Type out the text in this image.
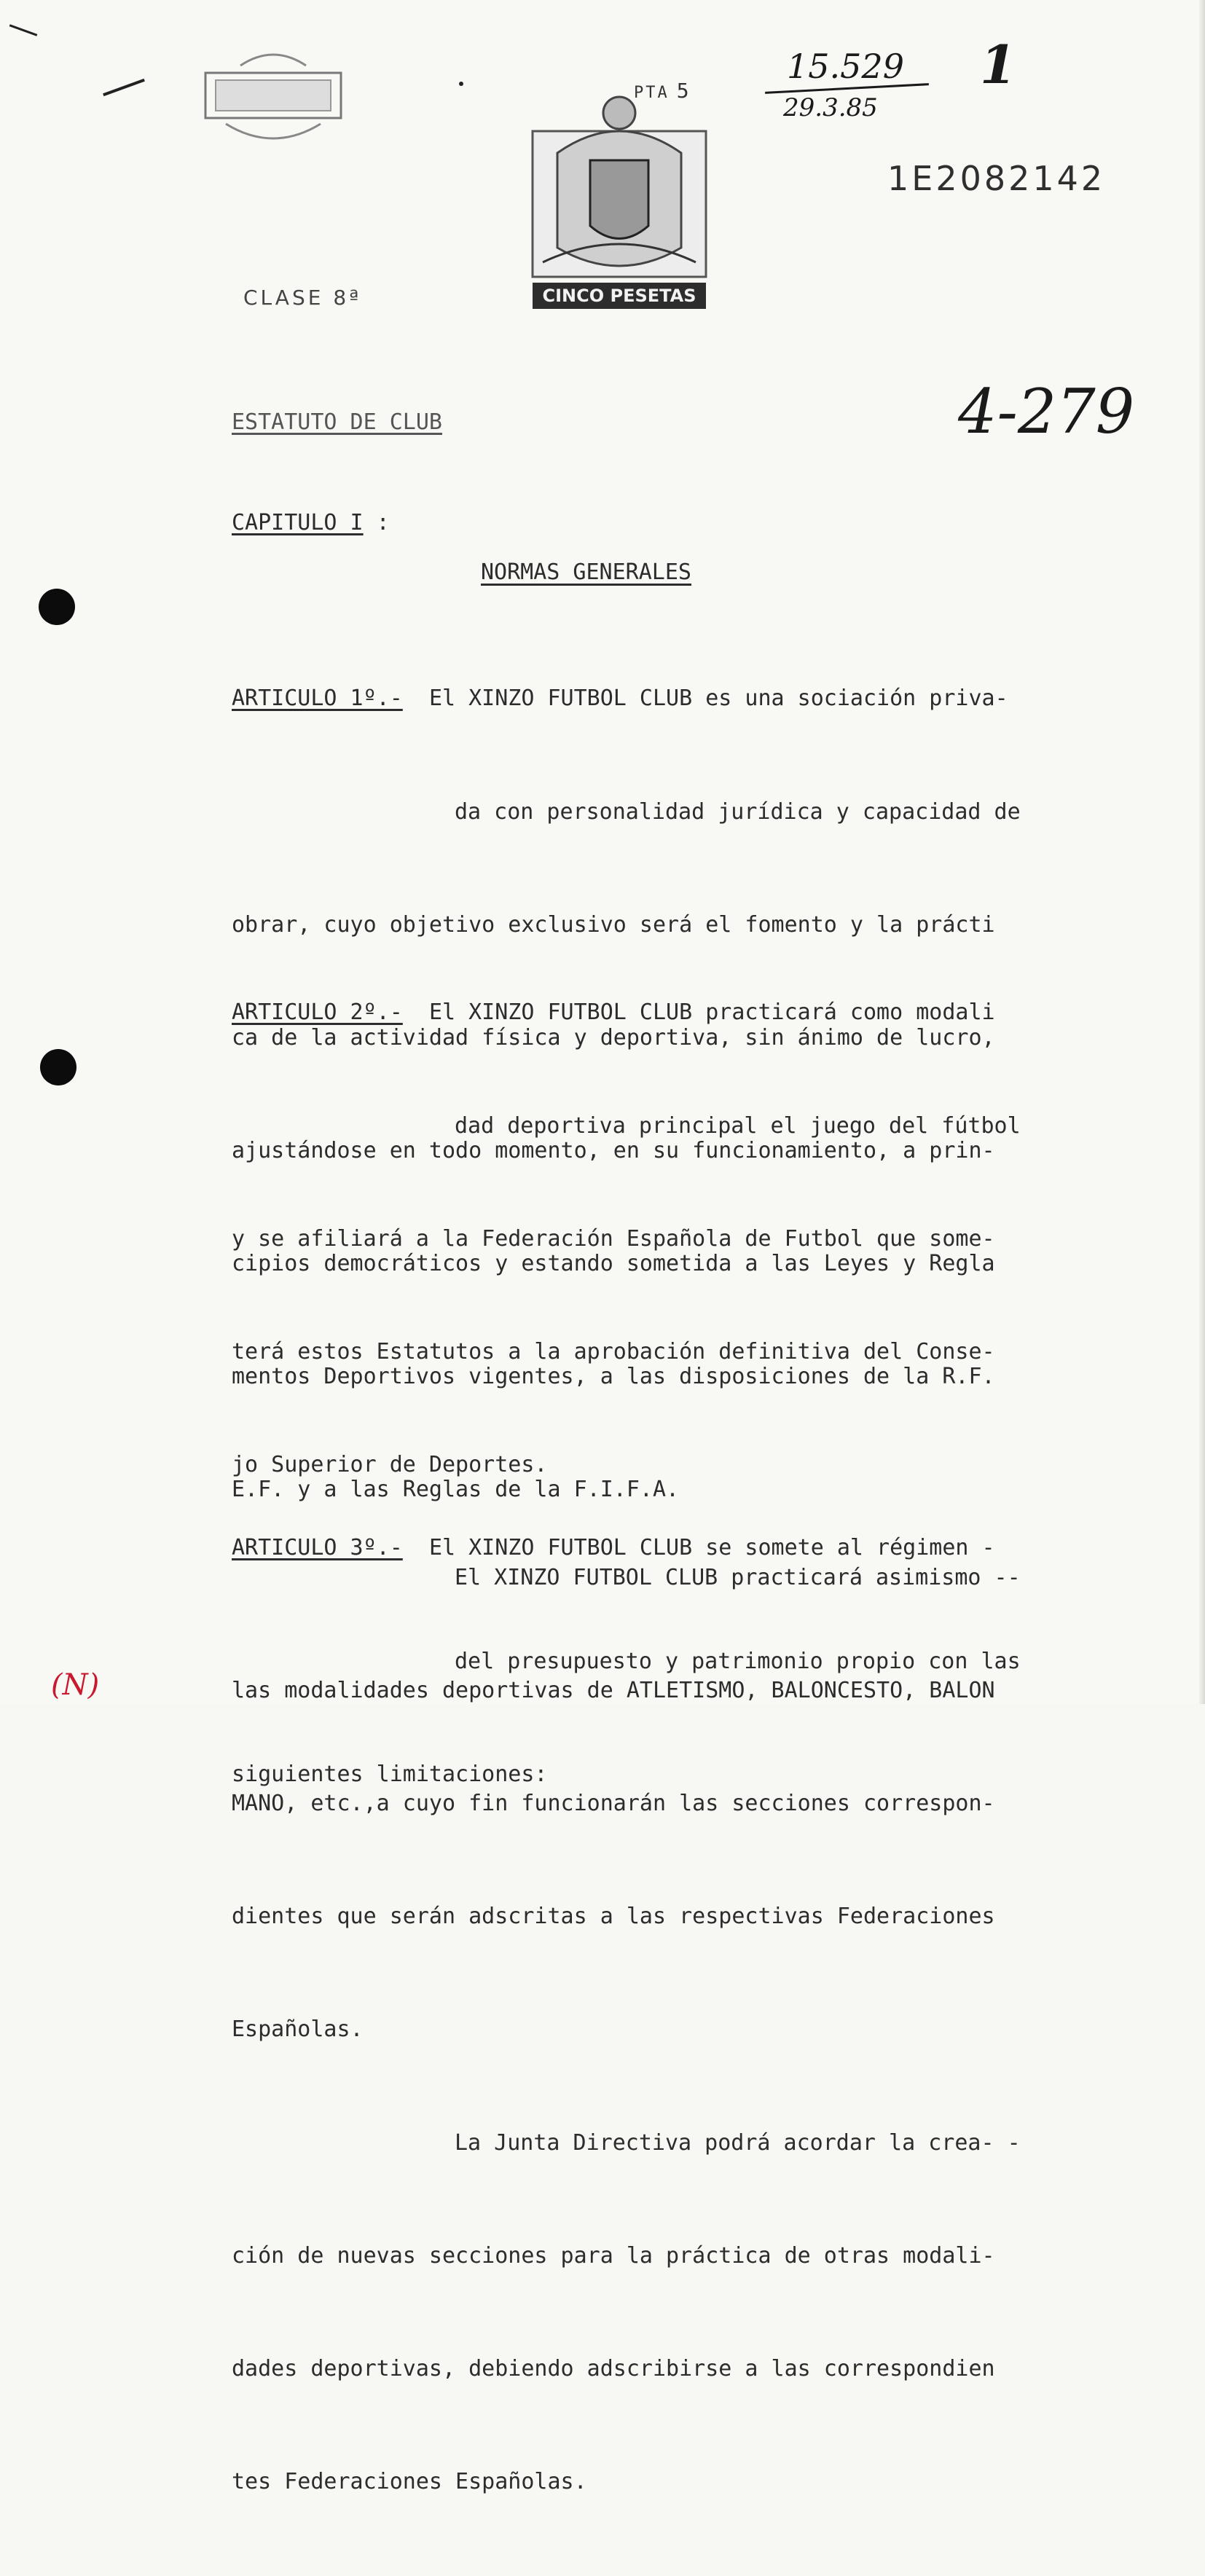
PTA 5
CINCO PESETAS
1E2082142
CLASE 8ª
15.529
29.3.85
1
4-279
(N)
ESTATUTO DE CLUB
CAPITULO I :
NORMAS GENERALES

ARTICULO 1º.- El XINZO FUTBOL CLUB es una sociación priva-

da con personalidad jurídica y capacidad de

obrar, cuyo objetivo exclusivo será el fomento y la prácti

ca de la actividad física y deportiva, sin ánimo de lucro,

ajustándose en todo momento, en su funcionamiento, a prin-

cipios democráticos y estando sometida a las Leyes y Regla

mentos Deportivos vigentes, a las disposiciones de la R.F.

E.F. y a las Reglas de la F.I.F.A.

ARTICULO 2º.- El XINZO FUTBOL CLUB practicará como modali

dad deportiva principal el juego del fútbol

y se afiliará a la Federación Española de Futbol que some-

terá estos Estatutos a la aprobación definitiva del Conse-

jo Superior de Deportes.

El XINZO FUTBOL CLUB practicará asimismo --

las modalidades deportivas de ATLETISMO, BALONCESTO, BALON

MANO, etc.,a cuyo fin funcionarán las secciones correspon-

dientes que serán adscritas a las respectivas Federaciones

Españolas.

La Junta Directiva podrá acordar la crea- -

ción de nuevas secciones para la práctica de otras modali-

dades deportivas, debiendo adscribirse a las correspondien

tes Federaciones Españolas.

ARTICULO 3º.- El XINZO FUTBOL CLUB se somete al régimen -

del presupuesto y patrimonio propio con las

siguientes limitaciones:
